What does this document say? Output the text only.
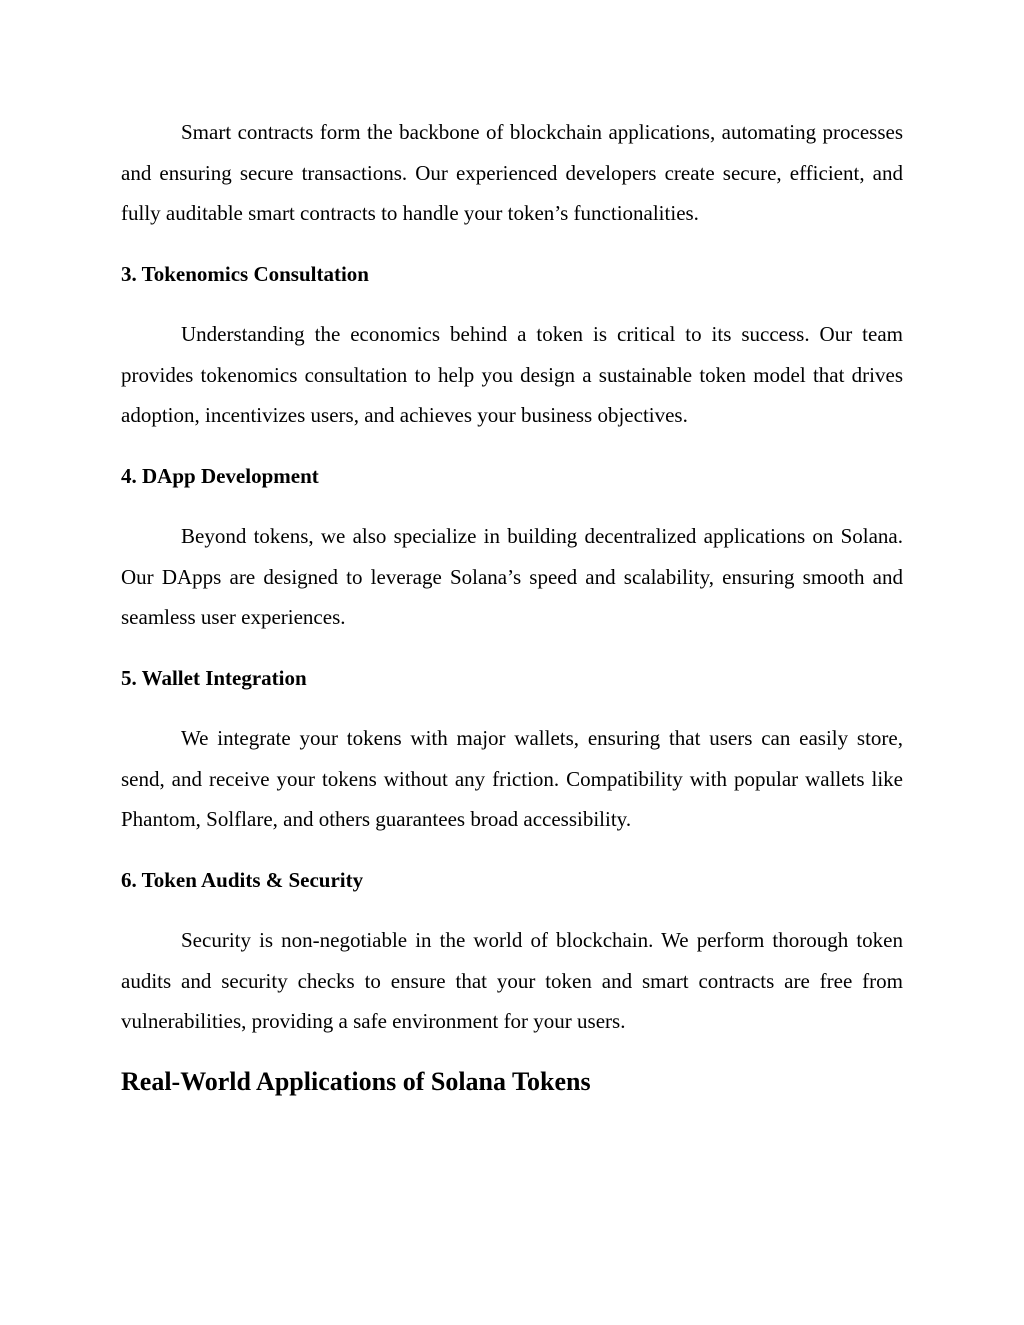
Smart contracts form the backbone of blockchain applications, automating processes and ensuring secure transactions. Our experienced developers create secure, efficient, and fully auditable smart contracts to handle your token’s functionalities.

3. Tokenomics Consultation

Understanding the economics behind a token is critical to its success. Our team provides tokenomics consultation to help you design a sustainable token model that drives adoption, incentivizes users, and achieves your business objectives.

4. DApp Development

Beyond tokens, we also specialize in building decentralized applications on Solana. Our DApps are designed to leverage Solana’s speed and scalability, ensuring smooth and seamless user experiences.

5. Wallet Integration

We integrate your tokens with major wallets, ensuring that users can easily store, send, and receive your tokens without any friction. Compatibility with popular wallets like Phantom, Solflare, and others guarantees broad accessibility.

6. Token Audits & Security

Security is non-negotiable in the world of blockchain. We perform thorough token audits and security checks to ensure that your token and smart contracts are free from vulnerabilities, providing a safe environment for your users.

Real-World Applications of Solana Tokens
